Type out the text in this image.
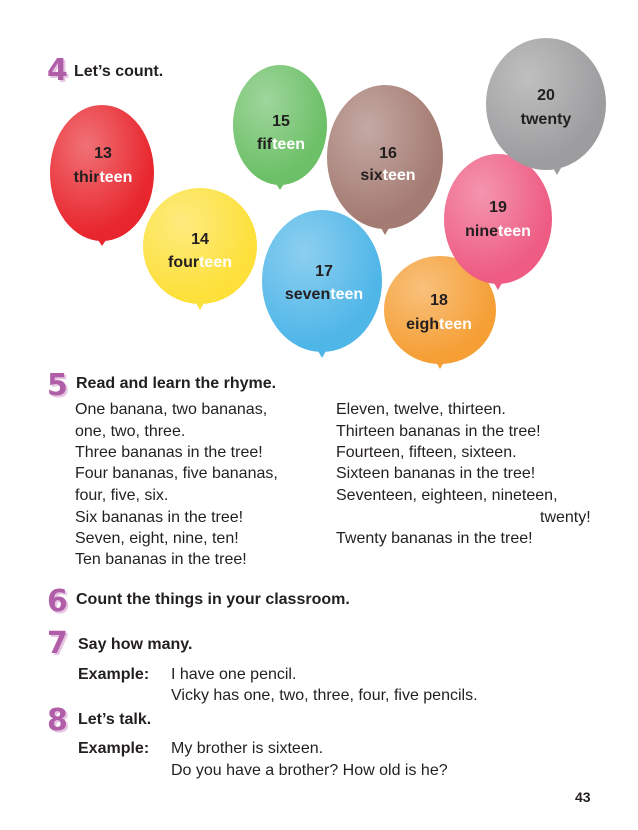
4 Let’s count.
13
thirteen
14
fourteen
15
fifteen
16
sixteen
17
seventeen	18
eighteen
19
nineteen
20
twenty
5 Read and learn the rhyme.
One banana, two bananas,
one, two, three.
Three bananas in the tree!
Four bananas, five bananas,
four, five, six.
Six bananas in the tree!
Seven, eight, nine, ten!
Ten bananas in the tree!
Eleven, twelve, thirteen.
Thirteen bananas in the tree!
Fourteen, fifteen, sixteen.
Sixteen bananas in the tree!
Seventeen, eighteen, nineteen,
twenty!
Twenty bananas in the tree!
6 Count the things in your classroom.
7 Say how many.
Example: I have one pencil.
Vicky has one, two, three, four, five pencils.
8 Let’s talk.
Example: My brother is sixteen.
Do you have a brother? How old is he?
43
